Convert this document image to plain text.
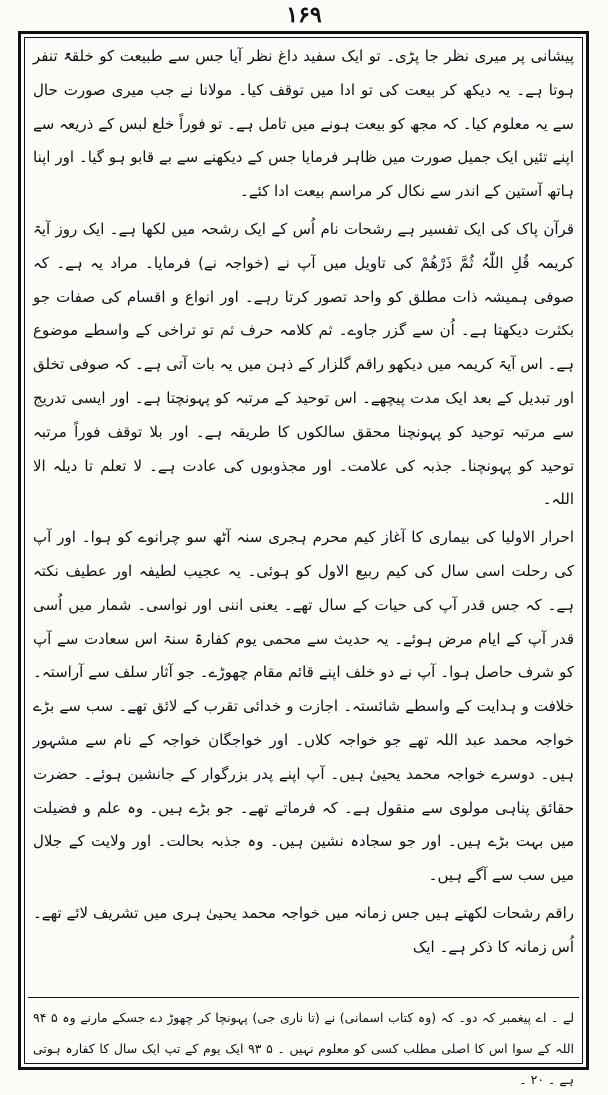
۱۶۹

پیشانی پر میری نظر جا پڑی۔ تو ایک سفید داغ نظر آیا جس سے طبیعت کو خلقۃً تنفر ہوتا ہے۔ یہ دیکھ کر بیعت کی تو ادا میں توقف کیا۔ مولانا نے جب میری صورت حال سے یہ معلوم کیا۔ کہ مجھ کو بیعت ہونے میں تامل ہے۔ تو فوراً خلع لبس کے ذریعہ سے اپنے تئیں ایک جمیل صورت میں ظاہر فرمایا جس کے دیکھنے سے بے قابو ہو گیا۔ اور اپنا ہاتھ آستین کے اندر سے نکال کر مراسم بیعت ادا کئے۔

قرآن پاک کی ایک تفسیر ہے رشحات نام اُس کے ایک رشحہ میں لکھا ہے۔ ایک روز آیۃ کریمہ قُلِ اللّٰہُ ثُمَّ ذَرْهُمْ کی تاویل میں آپ نے (خواجہ نے) فرمایا۔ مراد یہ ہے۔ کہ صوفی ہمیشہ ذات مطلق کو واحد تصور کرتا رہے۔ اور انواع و اقسام کی صفات جو بکثرت دیکھتا ہے۔ اُن سے گزر جاوے۔ ثم کلامہ حرف ثم تو تراخی کے واسطے موضوع ہے۔ اس آیۃ کریمہ میں دیکھو راقم گلزار کے ذہن میں یہ بات آتی ہے۔ کہ صوفی تخلق اور تبدیل کے بعد ایک مدت پیچھے۔ اس توحید کے مرتبہ کو پہونچتا ہے۔ اور ایسی تدریج سے مرتبہ توحید کو پہونچنا محقق سالکوں کا طریقہ ہے۔ اور بلا توقف فوراً مرتبہ توحید کو پہونچنا۔ جذبہ کی علامت۔ اور مجذوبوں کی عادت ہے۔ لا تعلم تا دیلہ الا اللہ۔

احرار الاولیا کی بیماری کا آغاز کیم محرم ہجری سنہ آٹھ سو چرانوے کو ہوا۔ اور آپ کی رحلت اسی سال کی کیم ربیع الاول کو ہوئی۔ یہ عجیب لطیفہ اور عطیف نکتہ ہے۔ کہ جس قدر آپ کی حیات کے سال تھے۔ یعنی اننی اور نواسی۔ شمار میں اُسی قدر آپ کے ایام مرض ہوئے۔ یہ حدیث سے محمی یوم کفارۃ سنۃ اس سعادت سے آپ کو شرف حاصل ہوا۔ آپ نے دو خلف اپنے قائم مقام چھوڑے۔ جو آثار سلف سے آراستہ۔ خلافت و ہدایت کے واسطے شائستہ۔ اجازت و خدائی تقرب کے لائق تھے۔ سب سے بڑے خواجہ محمد عبد اللہ تھے جو خواجہ کلاں۔ اور خواجگان خواجہ کے نام سے مشہور ہیں۔ دوسرے خواجہ محمد یحییٰ ہیں۔ آپ اپنے پدر بزرگوار کے جانشین ہوئے۔ حضرت حقائق پناہی مولوی سے منقول ہے۔ کہ فرماتے تھے۔ جو بڑے ہیں۔ وہ علم و فضیلت میں بہت بڑے ہیں۔ اور جو سجادہ نشین ہیں۔ وہ جذبہ بحالت۔ اور ولایت کے جلال میں سب سے آگے ہیں۔

راقم رشحات لکھتے ہیں جس زمانہ میں خواجہ محمد یحییٰ ہری میں تشریف لائے تھے۔ اُس زمانہ کا ذکر ہے۔ ایک

لے ۔ اے پیغمبر کہ دو۔ کہ (وہ کتاب اسمانی) نے (تا ناری جی) پہونچا کر چھوڑ دے جسکے مارنے وہ ۵ ۹۴ اللہ کے سوا اس کا اصلی مطلب کسی کو معلوم نہیں ۔ ۵ ۹۳ ایک یوم کے تپ ایک سال کا کفارہ ہوتی ہے ۔ ۲۰ ۔
